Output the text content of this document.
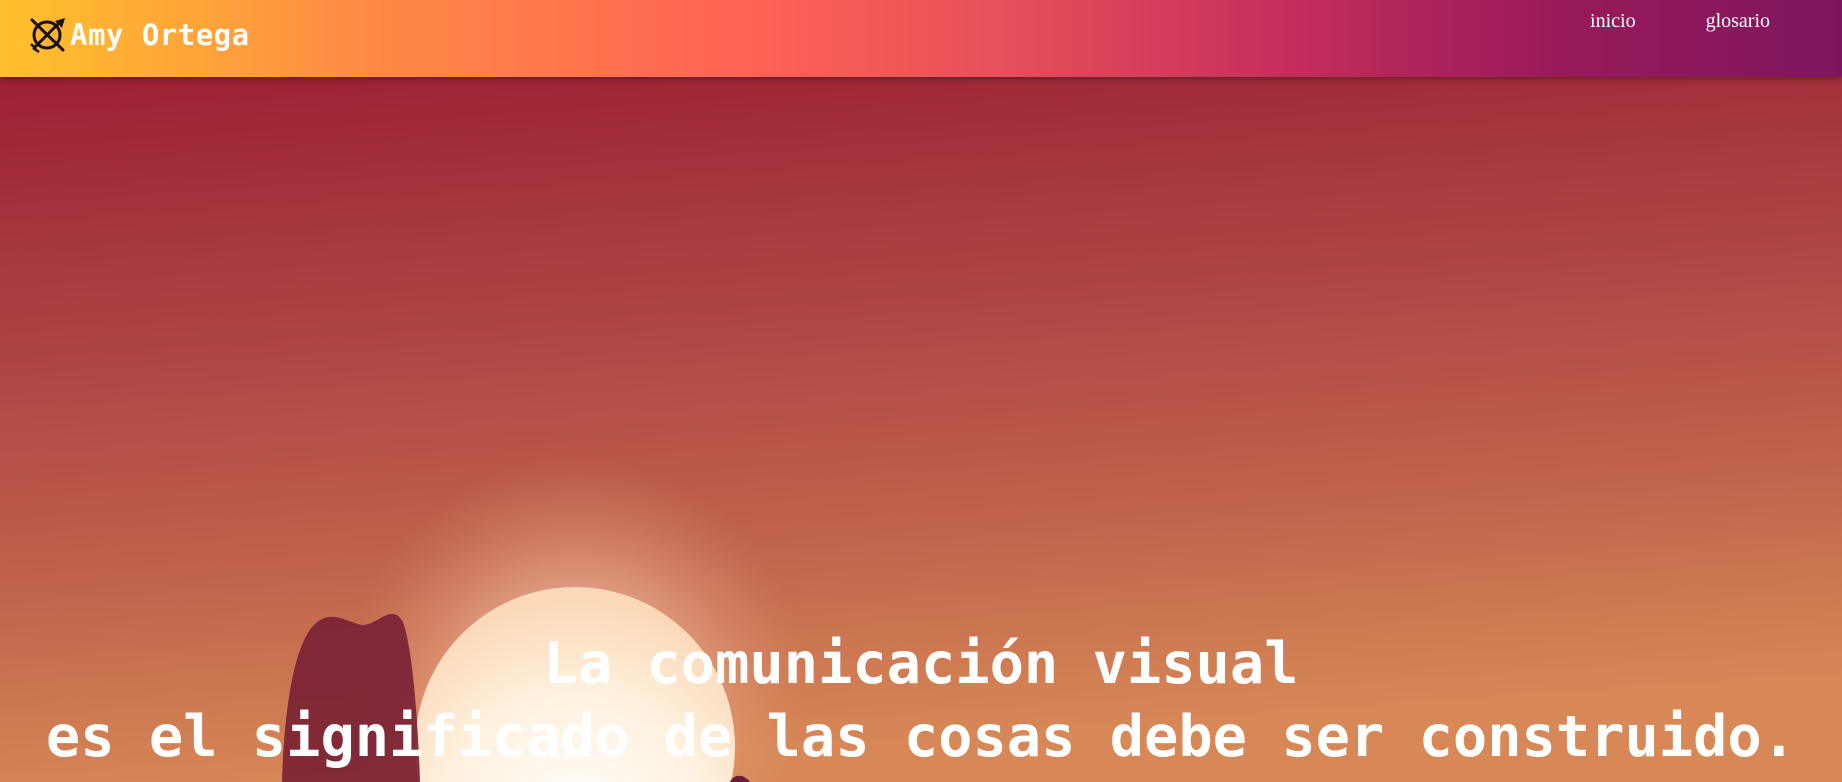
Amy Ortega	inicio	glosario
La comunicación visual
es el significado de las cosas debe ser construido.
